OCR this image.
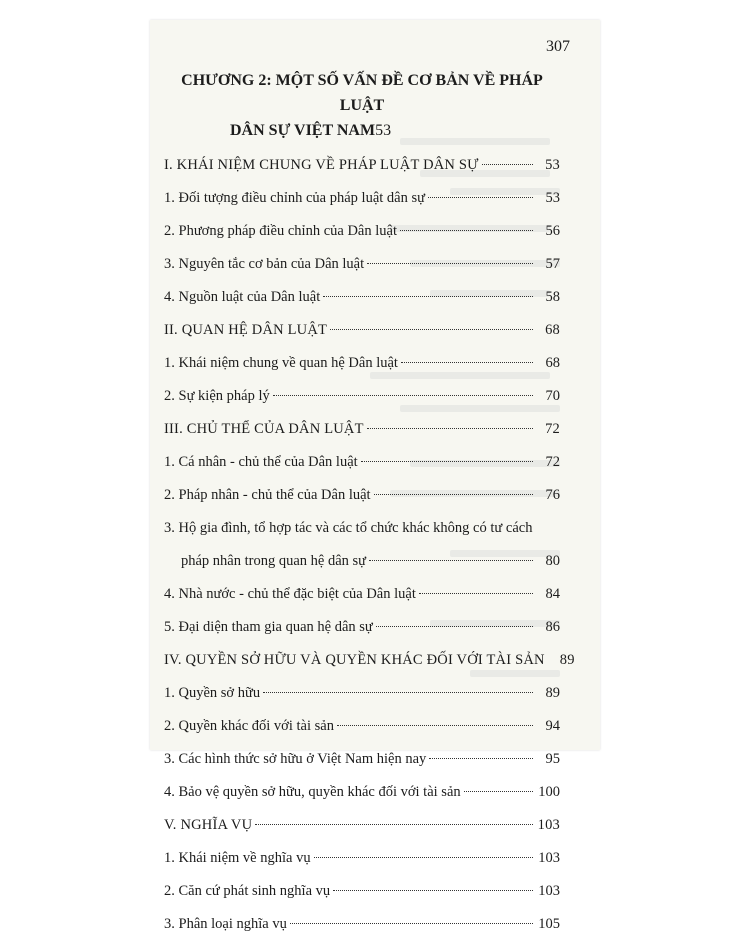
307
CHƯƠNG 2: MỘT SỐ VẤN ĐỀ CƠ BẢN VỀ PHÁP LUẬT
DÂN SỰ VIỆT NAM 53
I. KHÁI NIỆM CHUNG VỀ PHÁP LUẬT DÂN SỰ	53
1. Đối tượng điều chỉnh của pháp luật dân sự	53
2. Phương pháp điều chỉnh của Dân luật	56
3. Nguyên tắc cơ bản của Dân luật	57
4. Nguồn luật của Dân luật	58
II. QUAN HỆ DÂN LUẬT	68
1. Khái niệm chung về quan hệ Dân luật	68
2. Sự kiện pháp lý	70
III. CHỦ THỂ CỦA DÂN LUẬT	72
1. Cá nhân - chủ thể của Dân luật	72
2. Pháp nhân - chủ thể của Dân luật	76
3. Hộ gia đình, tổ hợp tác và các tổ chức khác không có tư cách
pháp nhân trong quan hệ dân sự	80
4. Nhà nước - chủ thể đặc biệt của Dân luật	84
5. Đại diện tham gia quan hệ dân sự	86
IV. QUYỀN SỞ HỮU VÀ QUYỀN KHÁC ĐỐI VỚI TÀI SẢN	89
1. Quyền sở hữu	89
2. Quyền khác đối với tài sản	94
3. Các hình thức sở hữu ở Việt Nam hiện nay	95
4. Bảo vệ quyền sở hữu, quyền khác đối với tài sản	100
V. NGHĨA VỤ	103
1. Khái niệm về nghĩa vụ	103
2. Căn cứ phát sinh nghĩa vụ	103
3. Phân loại nghĩa vụ	105
